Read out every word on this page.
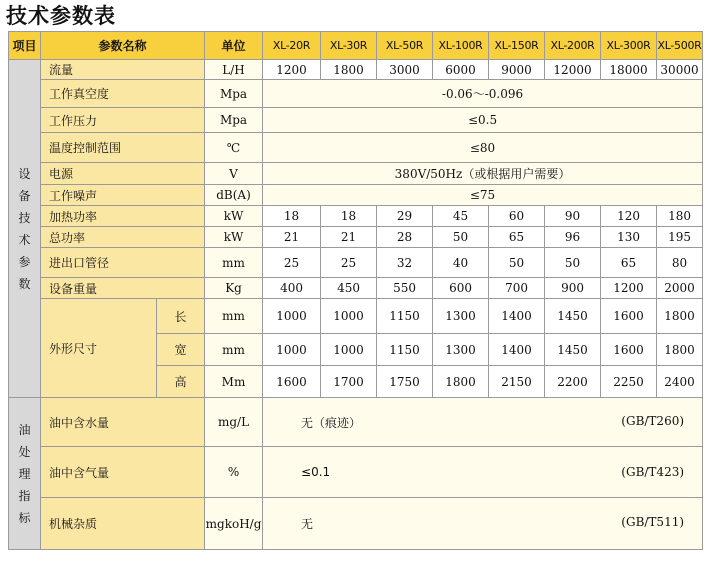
技术参数表
项目	参数名称		单位	XL-20R	XL-30R	XL-50R	XL-100R	XL-150R	XL-200R	XL-300R	XL-500R
设备技术参数	流量		L/H	1200	1800	3000	6000	9000	12000	18000	30000
	工作真空度		Mpa	-0.06～-0.096							
	工作压力		Mpa	≤0.5							
	温度控制范围		℃	≤80							
	电源		V	380V/50Hz（或根据用户需要）							
	工作噪声		dB(A)	≤75							
	加热功率		kW	18	18	29	45	60	90	120	180
	总功率		kW	21	21	28	50	65	96	130	195
	进出口管径		mm	25	25	32	40	50	50	65	80
	设备重量		Kg	400	450	550	600	700	900	1200	2000
	外形尺寸	长	mm	1000	1000	1150	1300	1400	1450	1600	1800
		宽	mm	1000	1000	1150	1300	1400	1450	1600	1800
		高	Mm	1600	1700	1750	1800	2150	2200	2250	2400
油处理指标	油中含水量		mg/L	无（痕迹） (GB/T260)							

	油中含气量		%	≤0.1 (GB/T423)							

	机械杂质		mgkoH/g	无 (GB/T511)							
